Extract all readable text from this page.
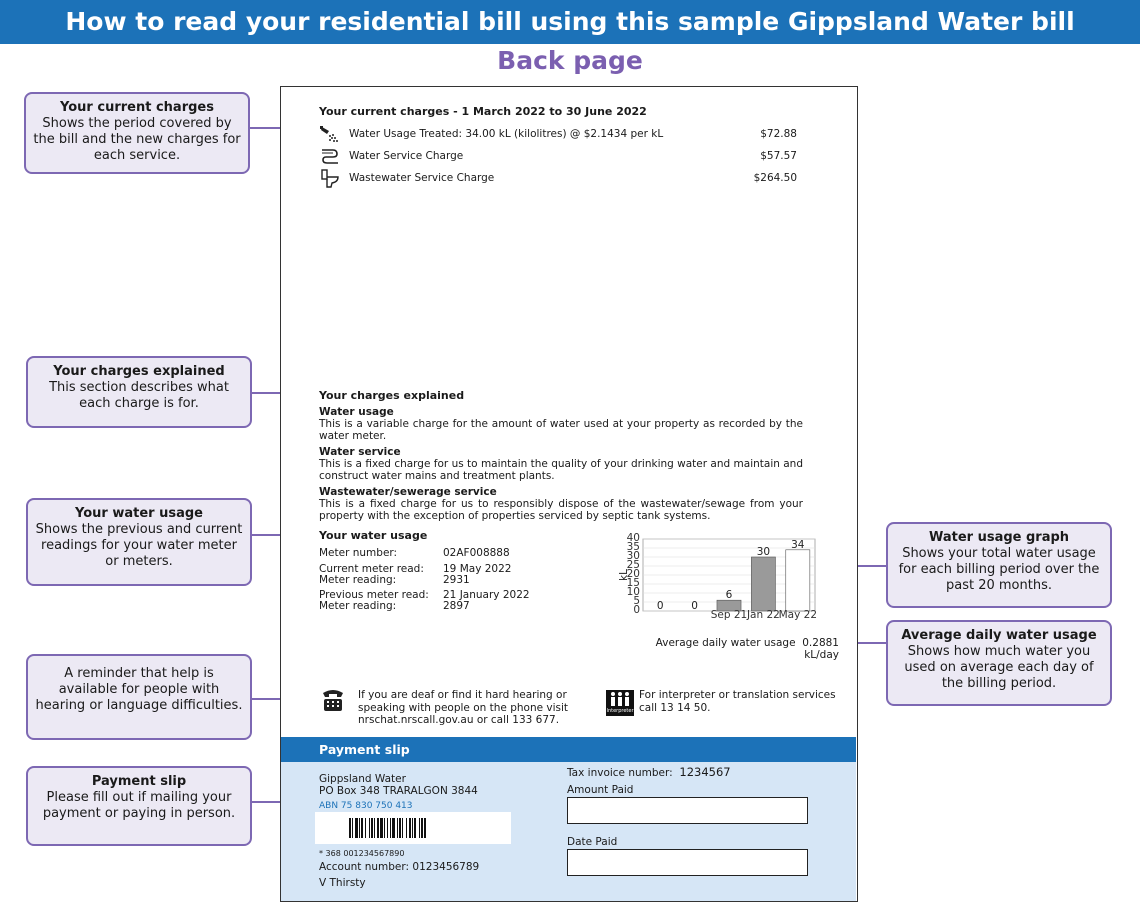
How to read your residential bill using this sample Gippsland Water bill
Back page
Your current charges
Shows the period covered by the bill and the new charges for each service.
Your charges explained
This section describes what each charge is for.
Your water usage
Shows the previous and current readings for your water meter or meters.
A reminder that help is available for people with hearing or language difficulties.
Payment slip
Please fill out if mailing your payment or paying in person.
Water usage graph
Shows your total water usage for each billing period over the past 20 months.
Average daily water usage
Shows how much water you used on average each day of the billing period.
Your current charges - 1 March 2022 to 30 June 2022
Water Usage Treated: 34.00 kL (kilolitres) @ $2.1434 per kL	$72.88
Water Service Charge	$57.57
Wastewater Service Charge	$264.50
Your charges explained
Water usage
This is a variable charge for the amount of water used at your property as recorded by the water meter.
Water service
This is a fixed charge for us to maintain the quality of your drinking water and maintain and construct water mains and treatment plants.
Wastewater/sewerage service
This is a fixed charge for us to responsibly dispose of the wastewater/sewage from your property with the exception of properties serviced by septic tank systems.
Your water usage
Meter number:	02AF008888
Current meter read:	19 May 2022
Meter reading:	2931
Previous meter read:	21 January 2022
Meter reading:	2897	0
5
10
15
20
25
30
35
40
kL
0	0
6
Sep 21
30
Jan 22
34
May 22
Average daily water usage 0.2881 kL/day
If you are deaf or find it hard hearing or speaking with people on the phone visit nrschat.nrscall.gov.au or call 133 677.
Interpreter
For interpreter or translation services call 13 14 50.
Payment slip
Gippsland Water
PO Box 348 TRARALGON 3844
ABN 75 830 750 413
* 368 001234567890
Account number: 0123456789
V Thirsty
Tax invoice number: 1234567
Amount Paid
Date Paid
